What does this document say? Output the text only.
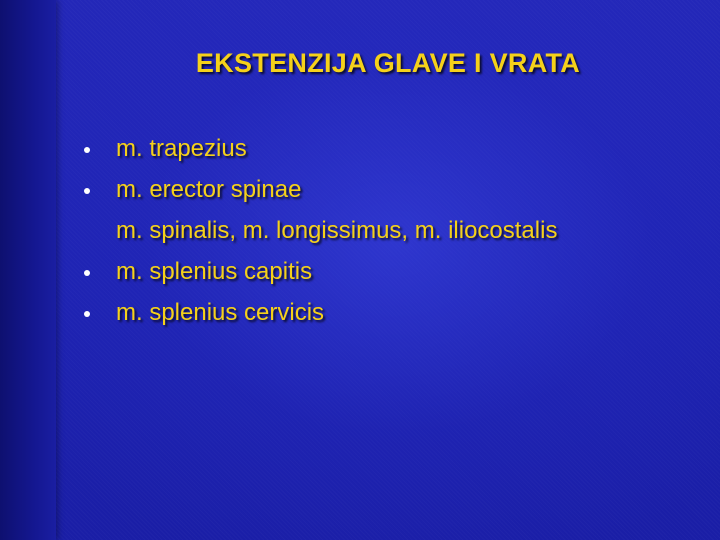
EKSTENZIJA GLAVE I VRATA
m. trapezius
m. erector spinae
m. spinalis, m. longissimus, m. iliocostalis
m. splenius capitis
m. splenius cervicis
